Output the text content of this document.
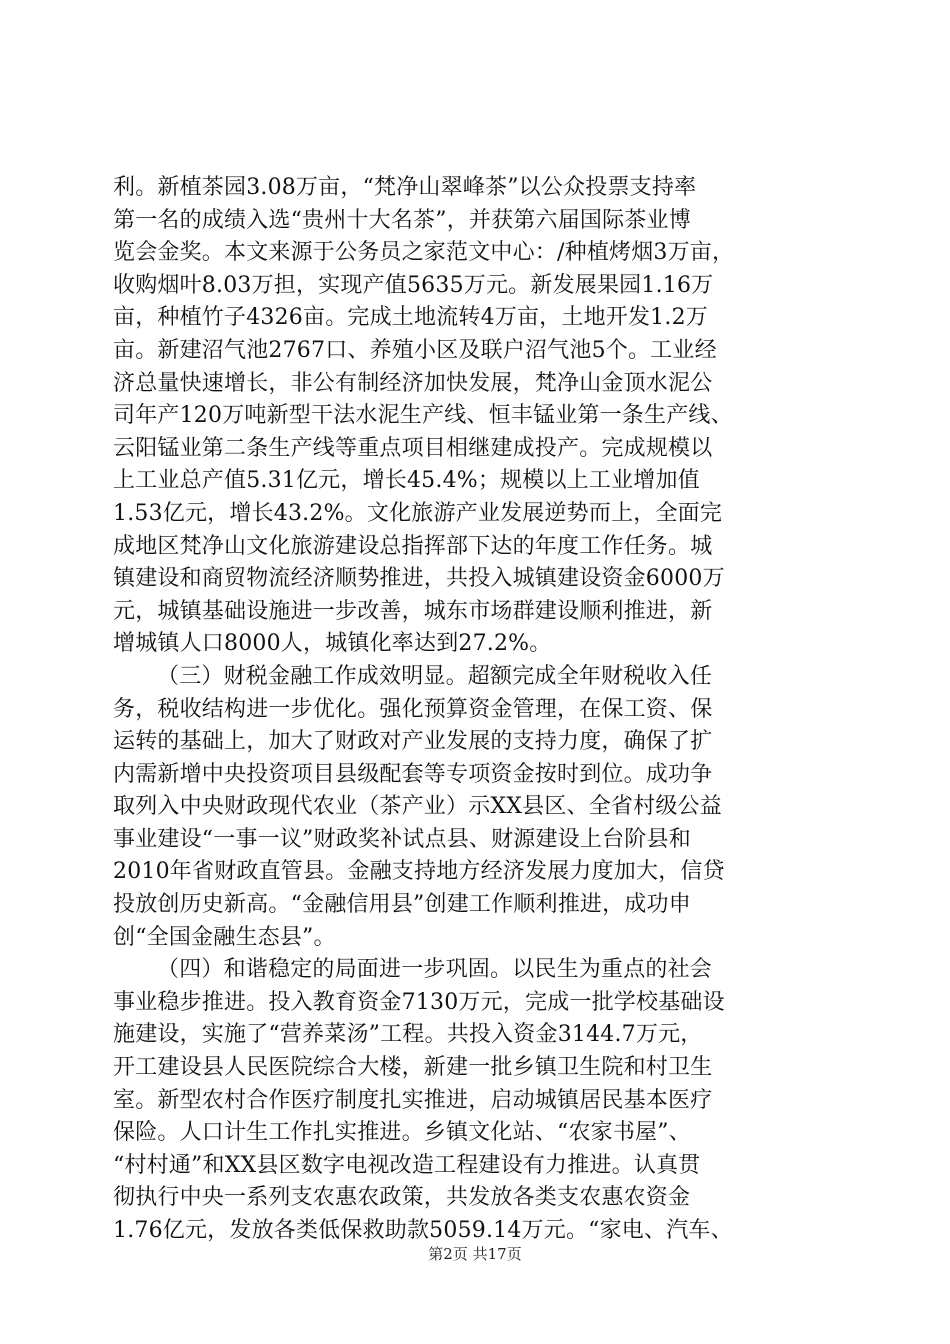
利。新植茶园3.08万亩，“梵净山翠峰茶”以公众投票支持率
第一名的成绩入选“贵州十大名茶”，并获第六届国际茶业博
览会金奖。本文来源于公务员之家范文中心：/种植烤烟3万亩，
收购烟叶8.03万担，实现产值5635万元。新发展果园1.16万
亩，种植竹子4326亩。完成土地流转4万亩，土地开发1.2万
亩。新建沼气池2767口、养殖小区及联户沼气池5个。工业经
济总量快速增长，非公有制经济加快发展，梵净山金顶水泥公
司年产120万吨新型干法水泥生产线、恒丰锰业第一条生产线、
云阳锰业第二条生产线等重点项目相继建成投产。完成规模以
上工业总产值5.31亿元，增长45.4%；规模以上工业增加值
1.53亿元，增长43.2%。文化旅游产业发展逆势而上，全面完
成地区梵净山文化旅游建设总指挥部下达的年度工作任务。城
镇建设和商贸物流经济顺势推进，共投入城镇建设资金6000万
元，城镇基础设施进一步改善，城东市场群建设顺利推进，新
增城镇人口8000人，城镇化率达到27.2%。
（三）财税金融工作成效明显。超额完成全年财税收入任
务，税收结构进一步优化。强化预算资金管理，在保工资、保
运转的基础上，加大了财政对产业发展的支持力度，确保了扩
内需新增中央投资项目县级配套等专项资金按时到位。成功争
取列入中央财政现代农业（茶产业）示XX县区、全省村级公益
事业建设“一事一议”财政奖补试点县、财源建设上台阶县和
2010年省财政直管县。金融支持地方经济发展力度加大，信贷
投放创历史新高。“金融信用县”创建工作顺利推进，成功申
创“全国金融生态县”。
（四）和谐稳定的局面进一步巩固。以民生为重点的社会
事业稳步推进。投入教育资金7130万元，完成一批学校基础设
施建设，实施了“营养菜汤”工程。共投入资金3144.7万元，
开工建设县人民医院综合大楼，新建一批乡镇卫生院和村卫生
室。新型农村合作医疗制度扎实推进，启动城镇居民基本医疗
保险。人口计生工作扎实推进。乡镇文化站、“农家书屋”、
“村村通”和XX县区数字电视改造工程建设有力推进。认真贯
彻执行中央一系列支农惠农政策，共发放各类支农惠农资金
1.76亿元，发放各类低保救助款5059.14万元。“家电、汽车、
第2页 共17页
